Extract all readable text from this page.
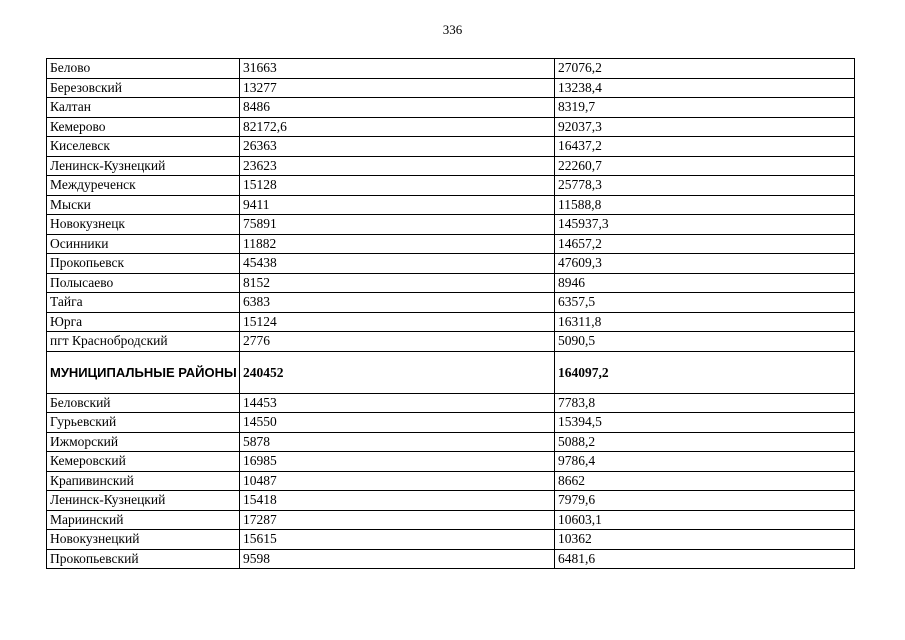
336
Белово	31663	27076,2
Березовский	13277	13238,4
Калтан	8486	8319,7
Кемерово	82172,6	92037,3
Киселевск	26363	16437,2
Ленинск-Кузнецкий	23623	22260,7
Междуреченск	15128	25778,3
Мыски	9411	11588,8
Новокузнецк	75891	145937,3
Осинники	11882	14657,2
Прокопьевск	45438	47609,3
Полысаево	8152	8946
Тайга	6383	6357,5
Юрга	15124	16311,8
пгт Краснобродский	2776	5090,5
МУНИЦИПАЛЬНЫЕ РАЙОНЫ	240452	164097,2
Беловский	14453	7783,8
Гурьевский	14550	15394,5
Ижморский	5878	5088,2
Кемеровский	16985	9786,4
Крапивинский	10487	8662
Ленинск-Кузнецкий	15418	7979,6
Мариинский	17287	10603,1
Новокузнецкий	15615	10362
Прокопьевский	9598	6481,6
